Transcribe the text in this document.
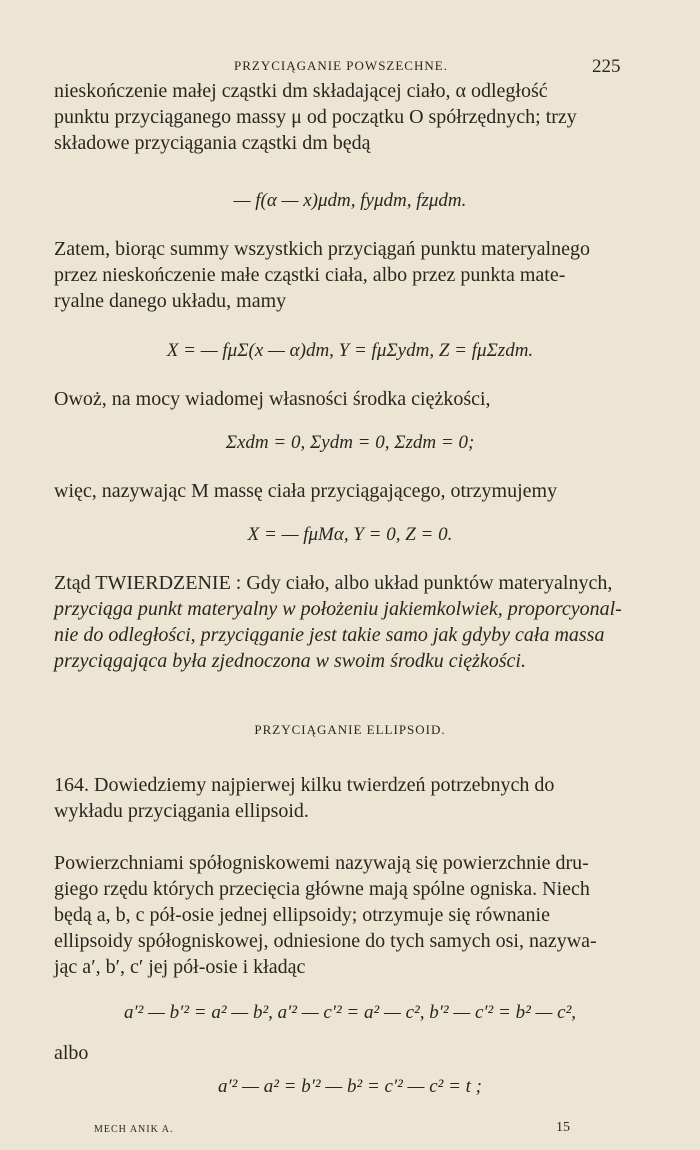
PRZYCIĄGANIE POWSZECHNE.	225
nieskończenie małej cząstki dm składającej ciało, α odległość
punktu przyciąganego massy μ od początku O spółrzędnych; trzy
składowe przyciągania cząstki dm będą
— f(α — x)μdm, fyμdm, fzμdm.
Zatem, biorąc summy wszystkich przyciągań punktu materyalnego
przez nieskończenie małe cząstki ciała, albo przez punkta mate-
ryalne danego układu, mamy
X = — fμΣ(x — α)dm, Y = fμΣydm, Z = fμΣzdm.
Owoż, na mocy wiadomej własności środka ciężkości,
Σxdm = 0, Σydm = 0, Σzdm = 0;
więc, nazywając M massę ciała przyciągającego, otrzymujemy
X = — fμMα, Y = 0, Z = 0.
Ztąd TWIERDZENIE : Gdy ciało, albo układ punktów materyalnych,
przyciąga punkt materyalny w położeniu jakiemkolwiek, proporcyonal-
nie do odległości, przyciąganie jest takie samo jak gdyby cała massa
przyciągająca była zjednoczona w swoim środku ciężkości.
PRZYCIĄGANIE ELLIPSOID.
164. Dowiedziemy najpierwej kilku twierdzeń potrzebnych do
wykładu przyciągania ellipsoid.
Powierzchniami spółogniskowemi nazywają się powierzchnie dru-
giego rzędu których przecięcia główne mają spólne ogniska. Niech
będą a, b, c pół-osie jednej ellipsoidy; otrzymuje się równanie
ellipsoidy spółogniskowej, odniesione do tych samych osi, nazywa-
jąc a′, b′, c′ jej pół-osie i kładąc
a′² — b′² = a² — b², a′² — c′² = a² — c², b′² — c′² = b² — c²,
albo
a′² — a² = b′² — b² = c′² — c² = t ;
MECH ANIK A.	15
